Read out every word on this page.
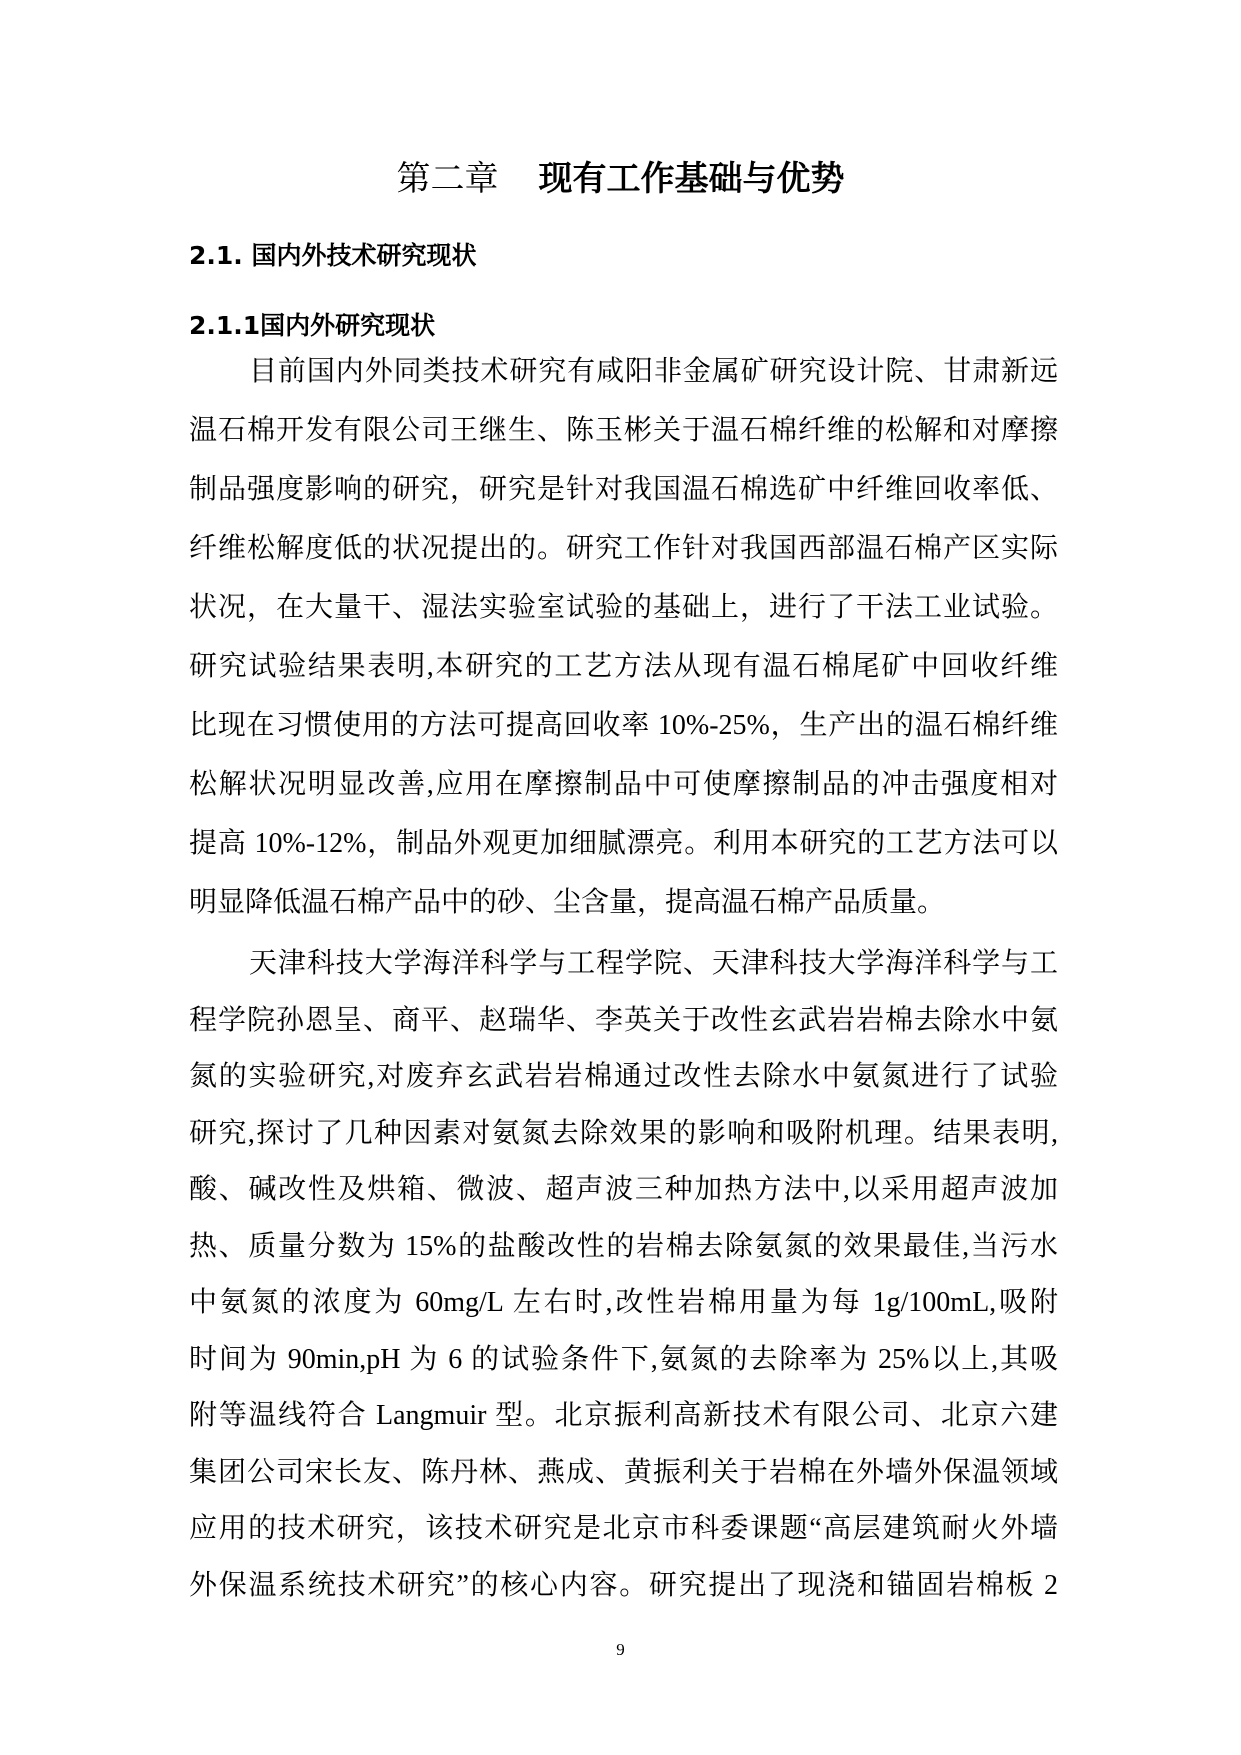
第二章 现有工作基础与优势
2.1. 国内外技术研究现状
2.1.1国内外研究现状
目前国内外同类技术研究有咸阳非金属矿研究设计院、甘肃新远
温石棉开发有限公司王继生、陈玉彬关于温石棉纤维的松解和对摩擦
制品强度影响的研究，研究是针对我国温石棉选矿中纤维回收率低、
纤维松解度低的状况提出的。研究工作针对我国西部温石棉产区实际
状况，在大量干、湿法实验室试验的基础上，进行了干法工业试验。
研究试验结果表明,本研究的工艺方法从现有温石棉尾矿中回收纤维
比现在习惯使用的方法可提高回收率 10%-25%，生产出的温石棉纤维
松解状况明显改善,应用在摩擦制品中可使摩擦制品的冲击强度相对
提高 10%-12%，制品外观更加细腻漂亮。利用本研究的工艺方法可以
明显降低温石棉产品中的砂、尘含量，提高温石棉产品质量。
天津科技大学海洋科学与工程学院、天津科技大学海洋科学与工
程学院孙恩呈、商平、赵瑞华、李英关于改性玄武岩岩棉去除水中氨
氮的实验研究,对废弃玄武岩岩棉通过改性去除水中氨氮进行了试验
研究,探讨了几种因素对氨氮去除效果的影响和吸附机理。结果表明,
酸、碱改性及烘箱、微波、超声波三种加热方法中,以采用超声波加
热、质量分数为 15%的盐酸改性的岩棉去除氨氮的效果最佳,当污水
中氨氮的浓度为 60mg/L 左右时,改性岩棉用量为每 1g/100mL,吸附
时间为 90min,pH 为 6 的试验条件下,氨氮的去除率为 25%以上,其吸
附等温线符合 Langmuir 型。北京振利高新技术有限公司、北京六建
集团公司宋长友、陈丹林、燕成、黄振利关于岩棉在外墙外保温领域
应用的技术研究，该技术研究是北京市科委课题“高层建筑耐火外墙
外保温系统技术研究”的核心内容。研究提出了现浇和锚固岩棉板 2
9
